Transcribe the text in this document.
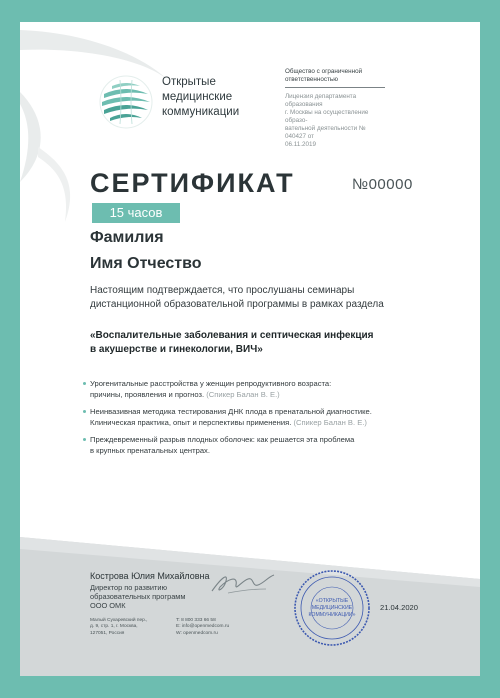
Открытые
медицинские
коммуникации
Общество с ограниченной
ответственностью
Лицензия департамента образования
г. Москвы на осуществление образо-
вательной деятельности № 040427 от
06.11.2019
СЕРТИФИКАТ	№00000
15 часов
Фамилия
Имя Отчество
Настоящим подтверждается, что прослушаны семинары
дистанционной образовательной программы в рамках раздела
«Воспалительные заболевания и септическая инфекция
в акушерстве и гинекологии, ВИЧ»
Урогенитальные расстройства у женщин репродуктивного возраста:
причины, проявления и прогноз. (Спикер Балан В. Е.)
Неинвазивная методика тестирования ДНК плода в пренатальной диагностике.
Клиническая практика, опыт и перспективы применения. (Спикер Балан В. Е.)
Преждевременный разрыв плодных оболочек: как решается эта проблема
в крупных пренатальных центрах.
Кострова Юлия Михайловна
Директор по развитию
образовательных программ
ООО ОМК
«ОТКРЫТЫЕ
МЕДИЦИНСКИЕ
КОММУНИКАЦИИ»
21.04.2020
Малый Сухаревский пер.,
д. 9, стр. 1, г. Москва,
127051, Россия
T: 8 800 333 66 58
E: info@openmedcom.ru
W: openmedcom.ru
